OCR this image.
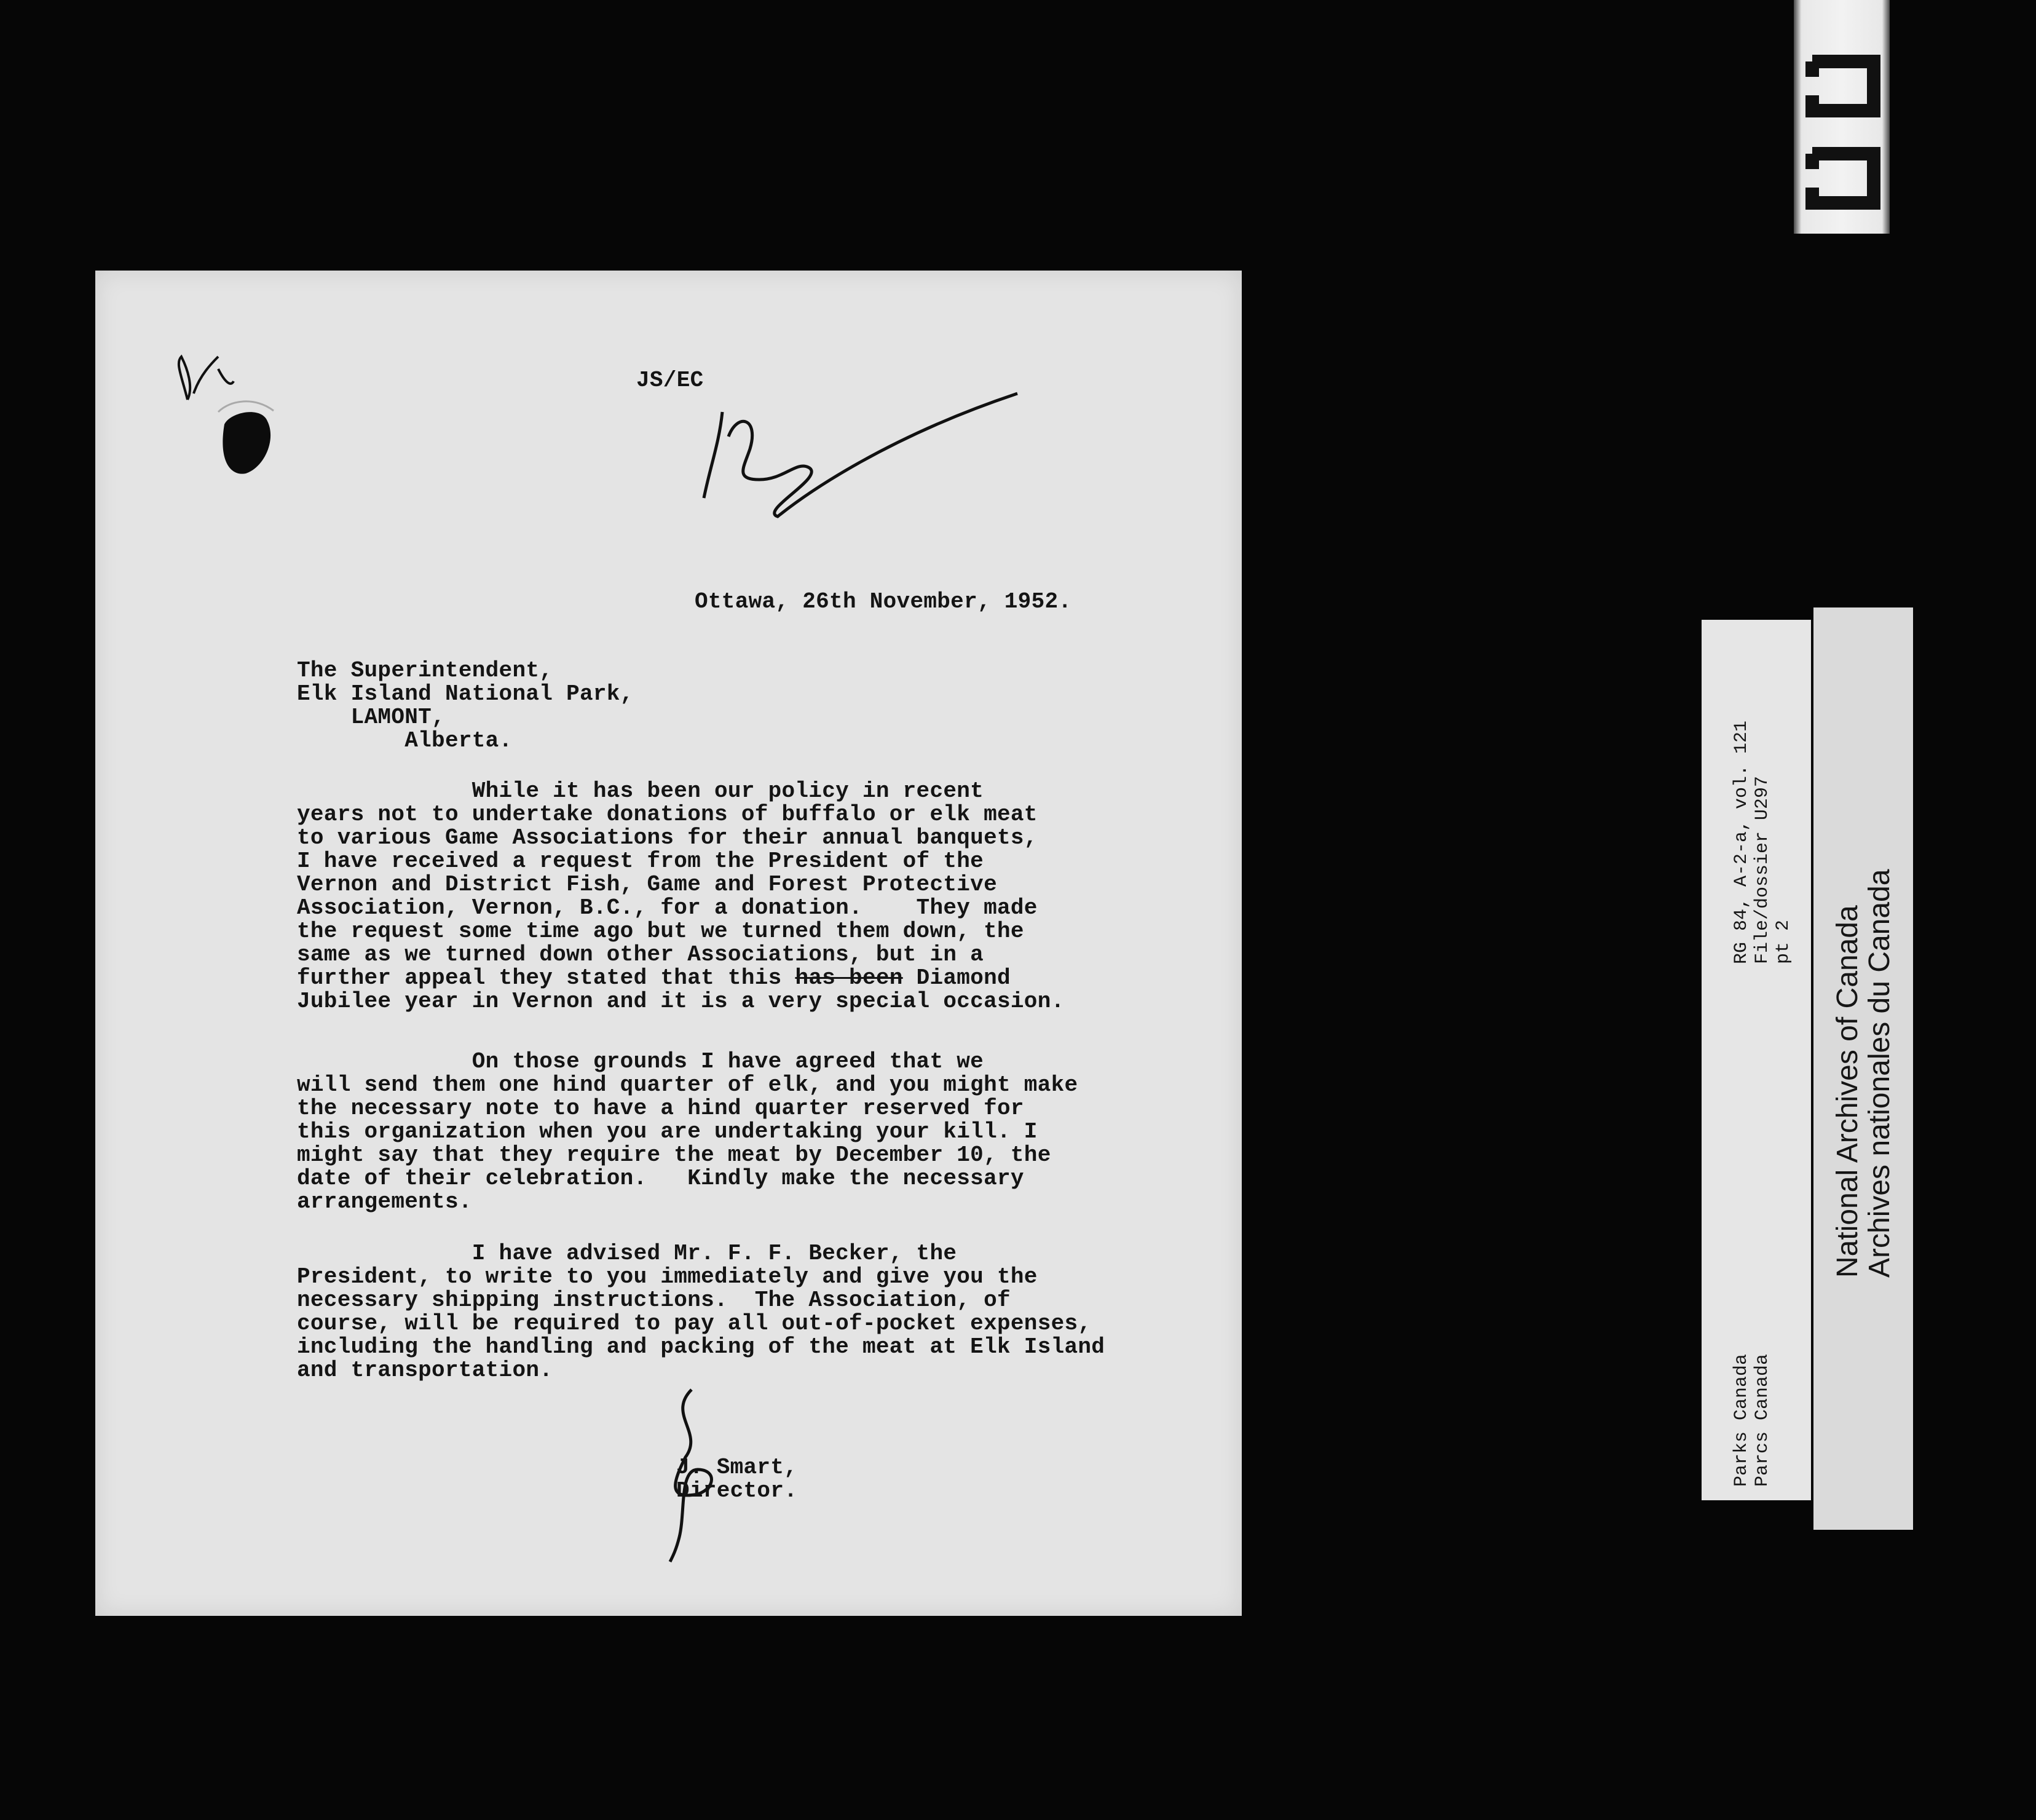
JS/EC
Ottawa, 26th November, 1952.
The Superintendent,
Elk Island National Park,
LAMONT,
Alberta.

While it has been our policy in recent

years not to undertake donations of buffalo or elk meat

to various Game Associations for their annual banquets,

I have received a request from the President of the

Vernon and District Fish, Game and Forest Protective

Association, Vernon, B.C., for a donation.    They made

the request some time ago but we turned them down, the

same as we turned down other Associations, but in a

further appeal they stated that this has been Diamond

Jubilee year in Vernon and it is a very special occasion.

On those grounds I have agreed that we

will send them one hind quarter of elk, and you might make

the necessary note to have a hind quarter reserved for

this organization when you are undertaking your kill. I

might say that they require the meat by December 10, the

date of their celebration.   Kindly make the necessary

arrangements.

I have advised Mr. F. F. Becker, the

President, to write to you immediately and give you the

necessary shipping instructions.  The Association, of

course, will be required to pay all out-of-pocket expenses,

including the handling and packing of the meat at Elk Island

and transportation.

J. Smart,
Director.
Parks Canada Parcs Canada
RG 84, A-2-a, vol. 121 File/dossier U297 pt 2 National Archives of Canada Archives nationales du Canada
